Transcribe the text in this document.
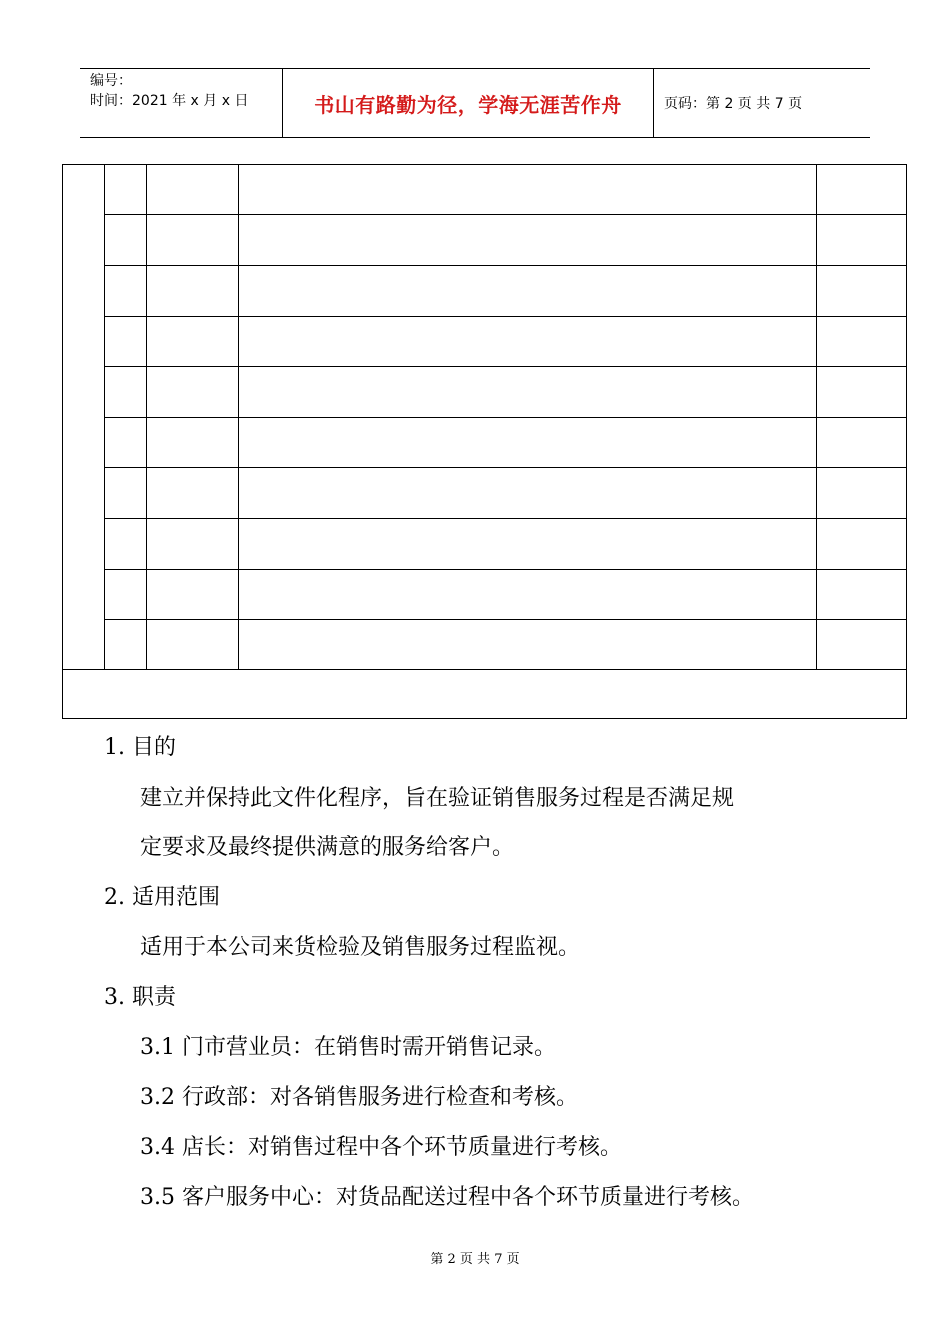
编号：
时间：2021 年 x 月 x 日	书山有路勤为径，学海无涯苦作舟	页码：第 2 页 共 7 页
1. 目的
建立并保持此文件化程序，旨在验证销售服务过程是否满足规
定要求及最终提供满意的服务给客户。
2. 适用范围
适用于本公司来货检验及销售服务过程监视。
3. 职责
3.1 门市营业员：在销售时需开销售记录。
3.2 行政部：对各销售服务进行检查和考核。
3.4 店长：对销售过程中各个环节质量进行考核。
3.5 客户服务中心：对货品配送过程中各个环节质量进行考核。
第 2 页 共 7 页
